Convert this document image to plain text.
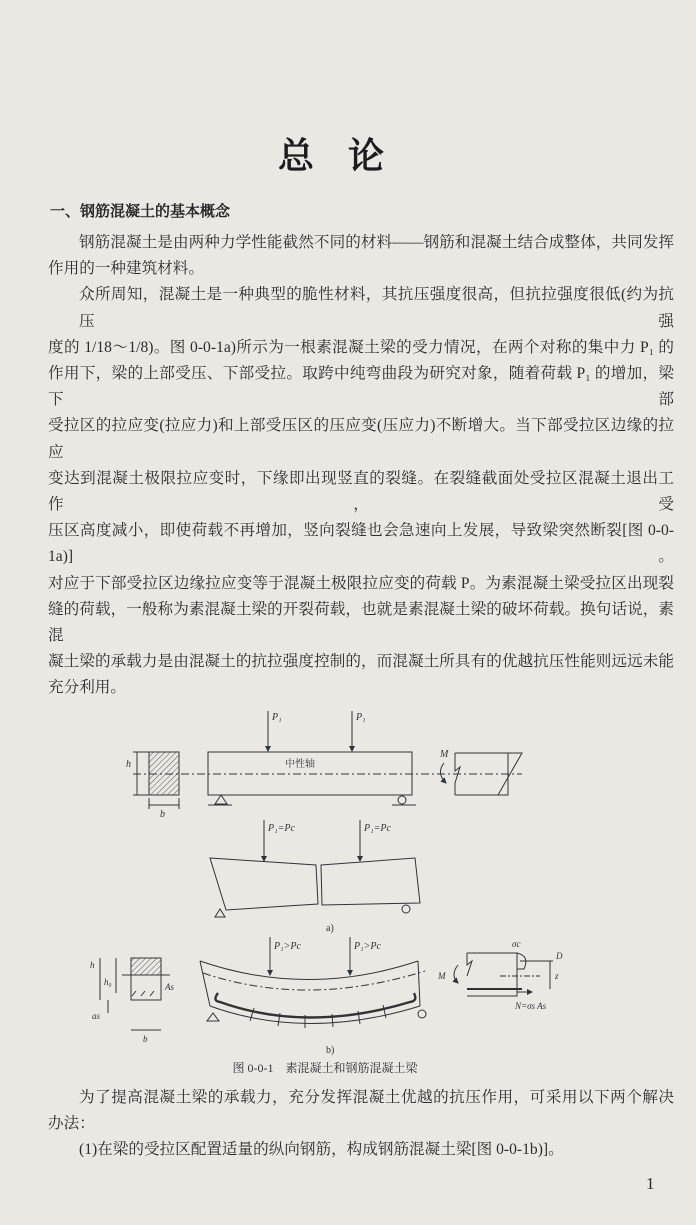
总论
一、钢筋混凝土的基本概念
钢筋混凝土是由两种力学性能截然不同的材料——钢筋和混凝土结合成整体，共同发挥
作用的一种建筑材料。
众所周知，混凝土是一种典型的脆性材料，其抗压强度很高，但抗拉强度很低(约为抗压强
度的 1/18～1/8)。图 0-0-1a)所示为一根素混凝土梁的受力情况，在两个对称的集中力 P₁ 的
作用下，梁的上部受压、下部受拉。取跨中纯弯曲段为研究对象，随着荷载 P₁ 的增加，梁下部
受拉区的拉应变(拉应力)和上部受压区的压应变(压应力)不断增大。当下部受拉区边缘的拉应
变达到混凝土极限拉应变时，下缘即出现竖直的裂缝。在裂缝截面处受拉区混凝土退出工作，受
压区高度减小，即使荷载不再增加，竖向裂缝也会急速向上发展，导致梁突然断裂[图 0-0-1a)]。
对应于下部受拉区边缘拉应变等于混凝土极限拉应变的荷载 P。为素混凝土梁受拉区出现裂
缝的荷载，一般称为素混凝土梁的开裂荷载，也就是素混凝土梁的破坏荷载。换句话说，素混
凝土梁的承载力是由混凝土的抗拉强度控制的，而混凝土所具有的优越抗压性能则远远未能
充分利用。
h
b
P₁	P₁
中性轴
M
P₁=Pc	P₁=Pc
a)
h
h₀	As
as
b
P₁>Pc	P₁>Pc
b)
M
σc
D
z
N=σs As
图 0-0-1　素混凝土和钢筋混凝土梁
为了提高混凝土梁的承载力，充分发挥混凝土优越的抗压作用，可采用以下两个解决
办法：
(1)在梁的受拉区配置适量的纵向钢筋，构成钢筋混凝土梁[图 0-0-1b)]。
1
